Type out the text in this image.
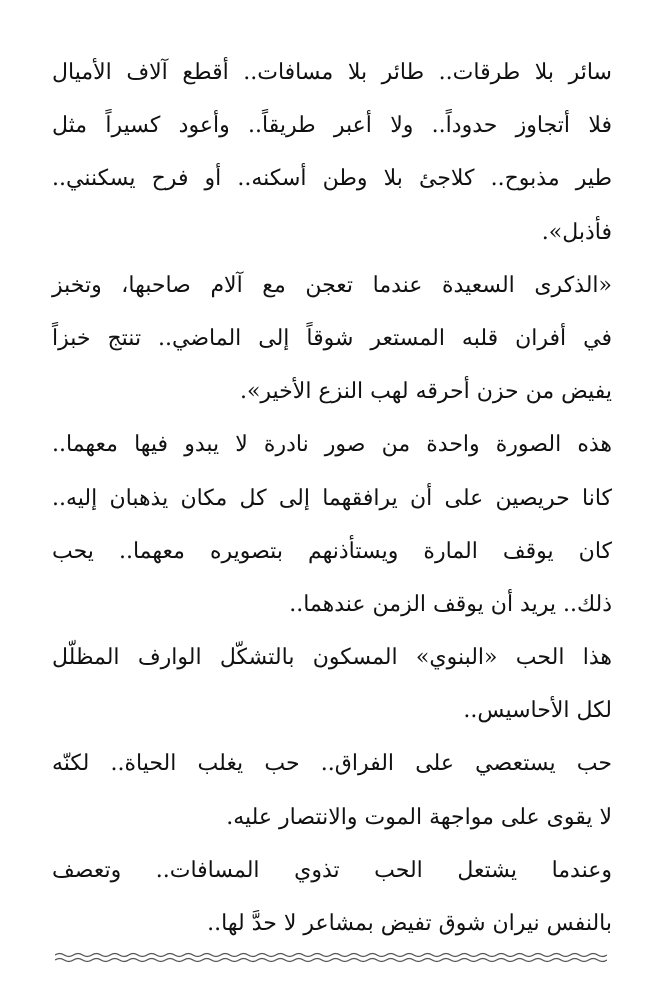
سائر بلا طرقات.. طائر بلا مسافات.. أقطع آلاف الأميال
فلا أتجاوز حدوداً.. ولا أعبر طريقاً.. وأعود كسيراً مثل
طير مذبوح.. كلاجئ بلا وطن أسكنه.. أو فرح يسكنني..
فأذبل».
«الذكرى السعيدة عندما تعجن مع آلام صاحبها، وتخبز
في أفران قلبه المستعر شوقاً إلى الماضي.. تنتج خبزاً
يفيض من حزن أحرقه لهب النزع الأخير».
هذه الصورة واحدة من صور نادرة لا يبدو فيها معهما..
كانا حريصين على أن يرافقهما إلى كل مكان يذهبان إليه..
كان يوقف المارة ويستأذنهم بتصويره معهما.. يحب
ذلك.. يريد أن يوقف الزمن عندهما..
هذا الحب «البنوي» المسكون بالتشكّل الوارف المظلّل
لكل الأحاسيس..
حب يستعصي على الفراق.. حب يغلب الحياة.. لكنّه
لا يقوى على مواجهة الموت والانتصار عليه.
وعندما يشتعل الحب تذوي المسافات.. وتعصف
بالنفس نيران شوق تفيض بمشاعر لا حدَّ لها..
